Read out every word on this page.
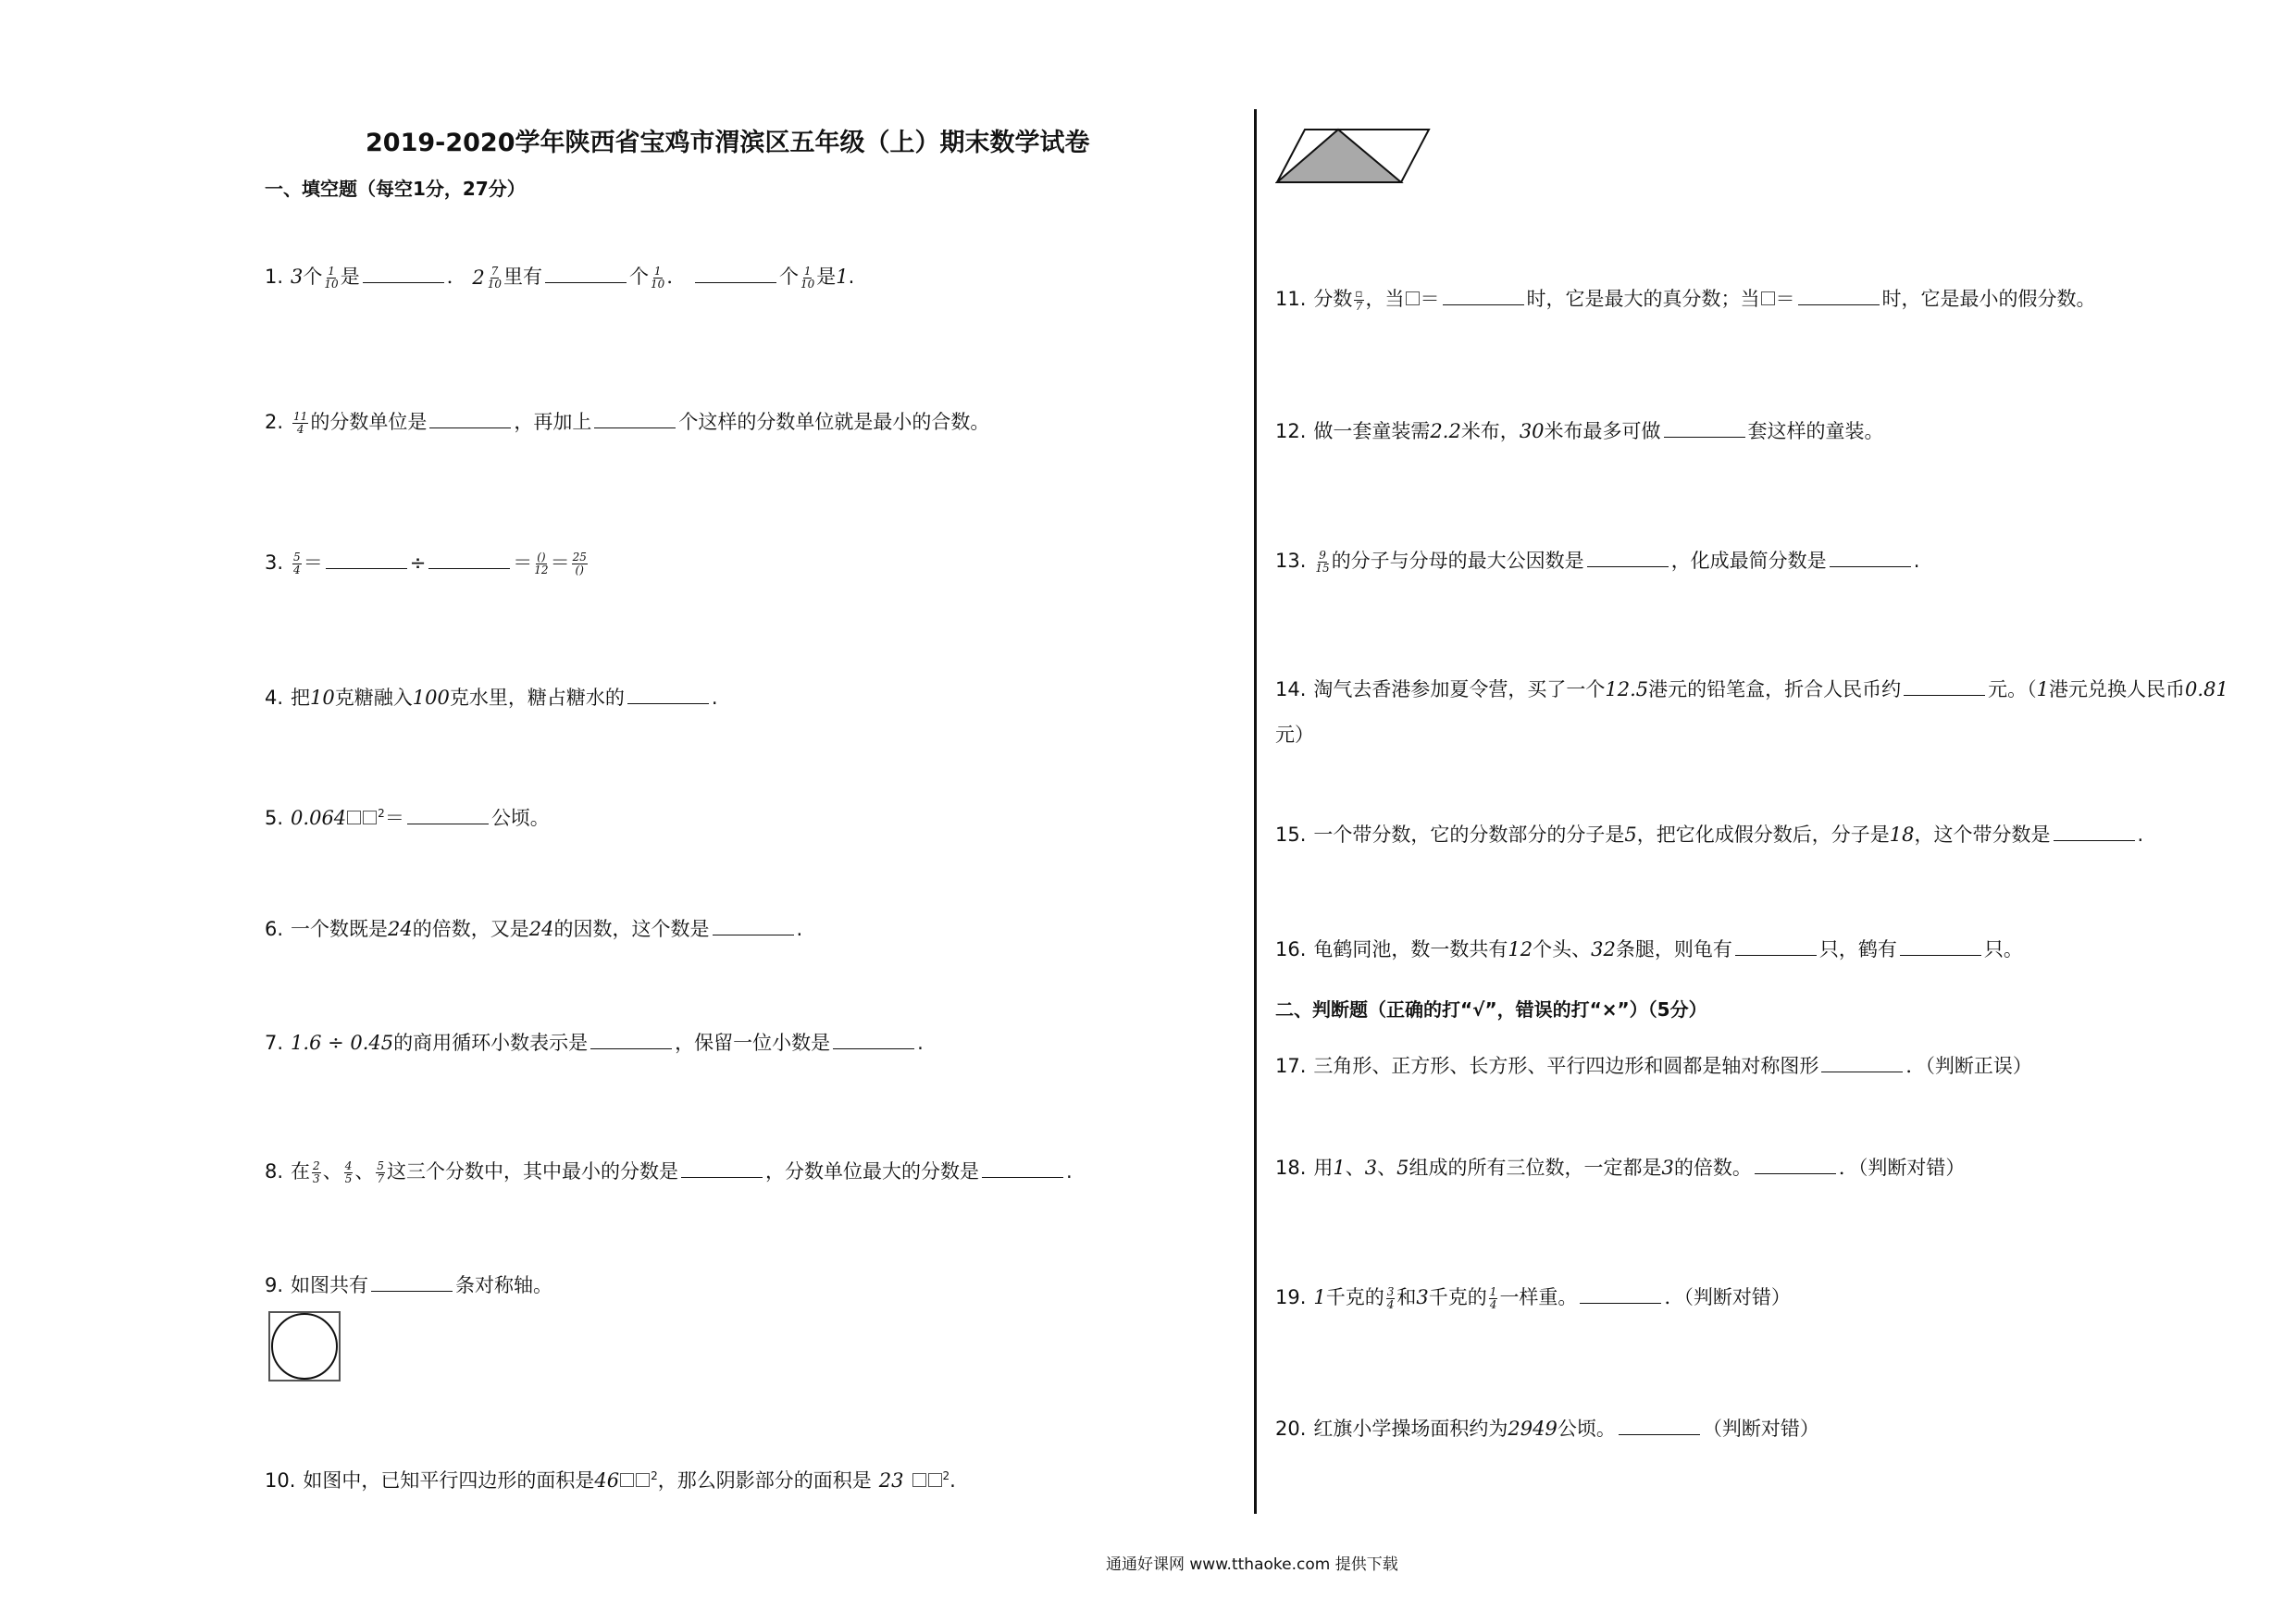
2019-2020学年陕西省宝鸡市渭滨区五年级（上）期末数学试卷
一、填空题（每空1分，27分）
1. 3个 $\frac{1}{10}$ 是	． 2 7
10 里有	个 $\frac{1}{10}$ ．	个 $\frac{1}{10}$ 是1.
2. $\frac{11}{4}$ 的分数单位是	，再加上	个这样的分数单位就是最小的合数。
3. $\frac{5}{4}$ ＝	÷	＝ ()
12 ＝ 25
()
4. 把10克糖融入100克水里，糖占糖水的	.
5. 0.064	$^2$＝	公顷。
6. 一个数既是24的倍数，又是24的因数，这个数是	.
7. 1.6 ÷ 0.45的商用循环小数表示是	，保留一位小数是	.
8. 在 $\frac{2}{3}$ 、 $\frac{4}{5}$ 、 $\frac{5}{7}$ 这三个分数中，其中最小的分数是	，分数单位最大的分数是	.
9. 如图共有	条对称轴。
10. 如图中，已知平行四边形的面积是46	$^2$，那么阴影部分的面积是 23	$^2$.
11. 分数 ▫
7 ，当 ＝	时，它是最大的真分数；当 ＝	时，它是最小的假分数。
12. 做一套童装需2.2米布，30米布最多可做	套这样的童装。
13. $\frac{9}{15}$ 的分子与分母的最大公因数是	，化成最简分数是	.
14. 淘气去香港参加夏令营，买了一个12.5港元的铅笔盒，折合人民币约	元。（1港元兑换人民币0.81
元）
15. 一个带分数，它的分数部分的分子是5，把它化成假分数后，分子是18，这个带分数是	.
16. 龟鹤同池，数一数共有12个头、32条腿，则龟有	只，鹤有	只。
二、判断题（正确的打“√”，错误的打“×”）（5分）
17. 三角形、正方形、长方形、平行四边形和圆都是轴对称图形	．（判断正误）
18. 用1、3、5组成的所有三位数，一定都是3的倍数。	．（判断对错）
19. 1千克的 $\frac{3}{4}$ 和3千克的 $\frac{1}{4}$ 一样重。	．（判断对错）
20. 红旗小学操场面积约为2949公顷。	（判断对错）
通通好课网 www.tthaoke.com 提供下载
